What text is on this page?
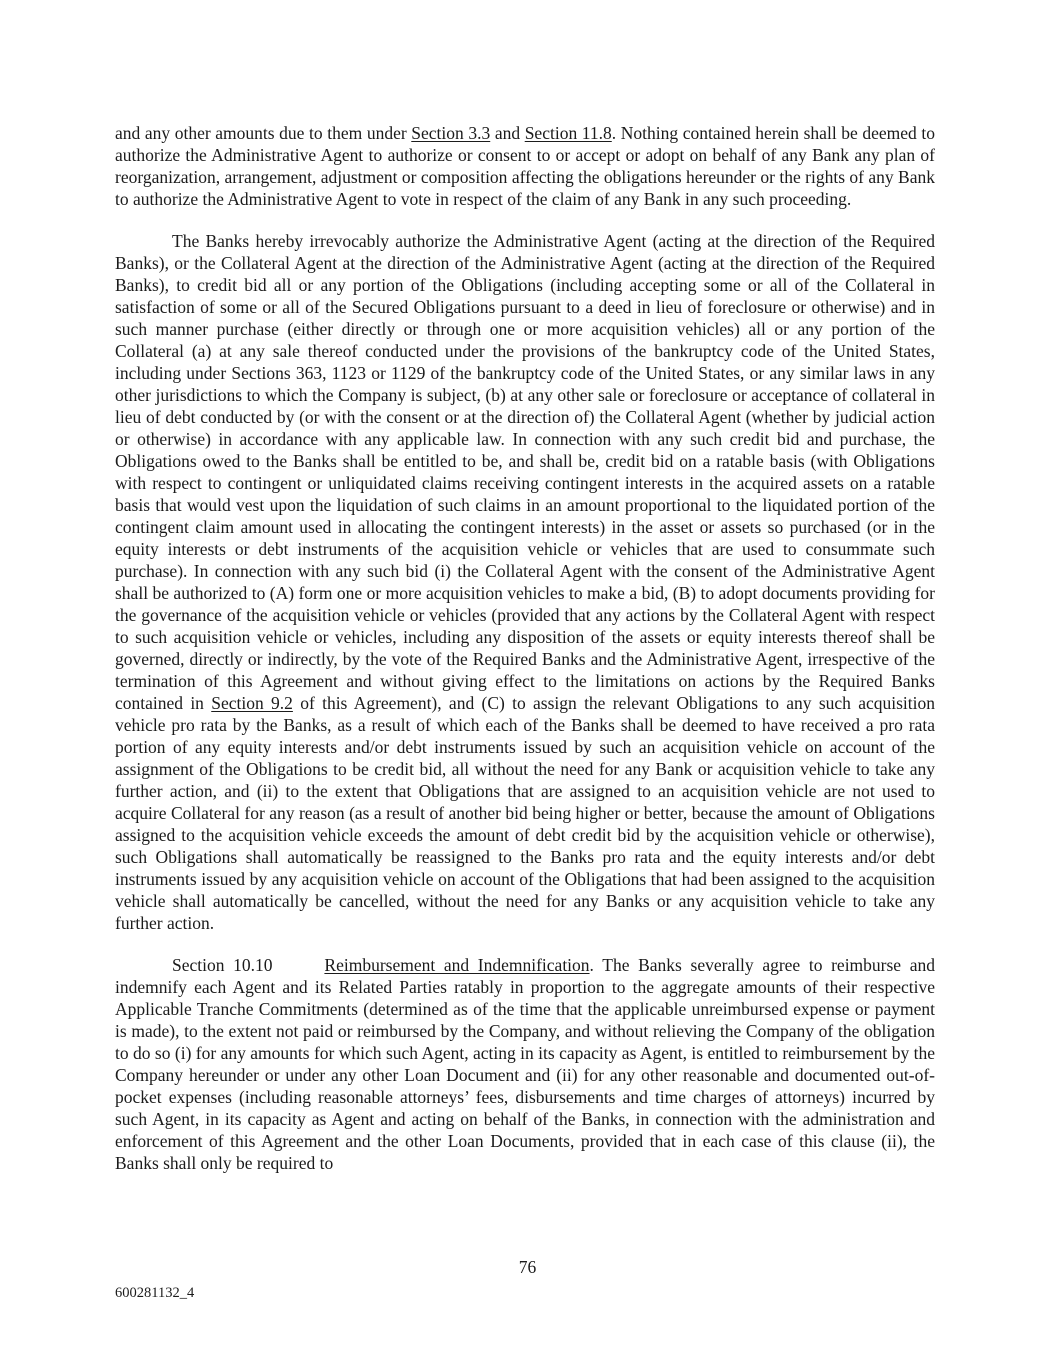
and any other amounts due to them under Section 3.3 and Section 11.8. Nothing contained herein shall be deemed to authorize the Administrative Agent to authorize or consent to or accept or adopt on behalf of any Bank any plan of reorganization, arrangement, adjustment or composition affecting the obligations hereunder or the rights of any Bank to authorize the Administrative Agent to vote in respect of the claim of any Bank in any such proceeding.

The Banks hereby irrevocably authorize the Administrative Agent (acting at the direction of the Required Banks), or the Collateral Agent at the direction of the Administrative Agent (acting at the direction of the Required Banks), to credit bid all or any portion of the Obligations (including accepting some or all of the Collateral in satisfaction of some or all of the Secured Obligations pursuant to a deed in lieu of foreclosure or otherwise) and in such manner purchase (either directly or through one or more acquisition vehicles) all or any portion of the Collateral (a) at any sale thereof conducted under the provisions of the bankruptcy code of the United States, including under Sections 363, 1123 or 1129 of the bankruptcy code of the United States, or any similar laws in any other jurisdictions to which the Company is subject, (b) at any other sale or foreclosure or acceptance of collateral in lieu of debt conducted by (or with the consent or at the direction of) the Collateral Agent (whether by judicial action or otherwise) in accordance with any applicable law. In connection with any such credit bid and purchase, the Obligations owed to the Banks shall be entitled to be, and shall be, credit bid on a ratable basis (with Obligations with respect to contingent or unliquidated claims receiving contingent interests in the acquired assets on a ratable basis that would vest upon the liquidation of such claims in an amount proportional to the liquidated portion of the contingent claim amount used in allocating the contingent interests) in the asset or assets so purchased (or in the equity interests or debt instruments of the acquisition vehicle or vehicles that are used to consummate such purchase). In connection with any such bid (i) the Collateral Agent with the consent of the Administrative Agent shall be authorized to (A) form one or more acquisition vehicles to make a bid, (B) to adopt documents providing for the governance of the acquisition vehicle or vehicles (provided that any actions by the Collateral Agent with respect to such acquisition vehicle or vehicles, including any disposition of the assets or equity interests thereof shall be governed, directly or indirectly, by the vote of the Required Banks and the Administrative Agent, irrespective of the termination of this Agreement and without giving effect to the limitations on actions by the Required Banks contained in Section 9.2 of this Agreement), and (C) to assign the relevant Obligations to any such acquisition vehicle pro rata by the Banks, as a result of which each of the Banks shall be deemed to have received a pro rata portion of any equity interests and/or debt instruments issued by such an acquisition vehicle on account of the assignment of the Obligations to be credit bid, all without the need for any Bank or acquisition vehicle to take any further action, and (ii) to the extent that Obligations that are assigned to an acquisition vehicle are not used to acquire Collateral for any reason (as a result of another bid being higher or better, because the amount of Obligations assigned to the acquisition vehicle exceeds the amount of debt credit bid by the acquisition vehicle or otherwise), such Obligations shall automatically be reassigned to the Banks pro rata and the equity interests and/or debt instruments issued by any acquisition vehicle on account of the Obligations that had been assigned to the acquisition vehicle shall automatically be cancelled, without the need for any Banks or any acquisition vehicle to take any further action.

Section 10.10      Reimbursement and Indemnification. The Banks severally agree to reimburse and indemnify each Agent and its Related Parties ratably in proportion to the aggregate amounts of their respective Applicable Tranche Commitments (determined as of the time that the applicable unreimbursed expense or payment is made), to the extent not paid or reimbursed by the Company, and without relieving the Company of the obligation to do so (i) for any amounts for which such Agent, acting in its capacity as Agent, is entitled to reimbursement by the Company hereunder or under any other Loan Document and (ii) for any other reasonable and documented out-of-pocket expenses (including reasonable attorneys’ fees, disbursements and time charges of attorneys) incurred by such Agent, in its capacity as Agent and acting on behalf of the Banks, in connection with the administration and enforcement of this Agreement and the other Loan Documents, provided that in each case of this clause (ii), the Banks shall only be required to

76
600281132_4
